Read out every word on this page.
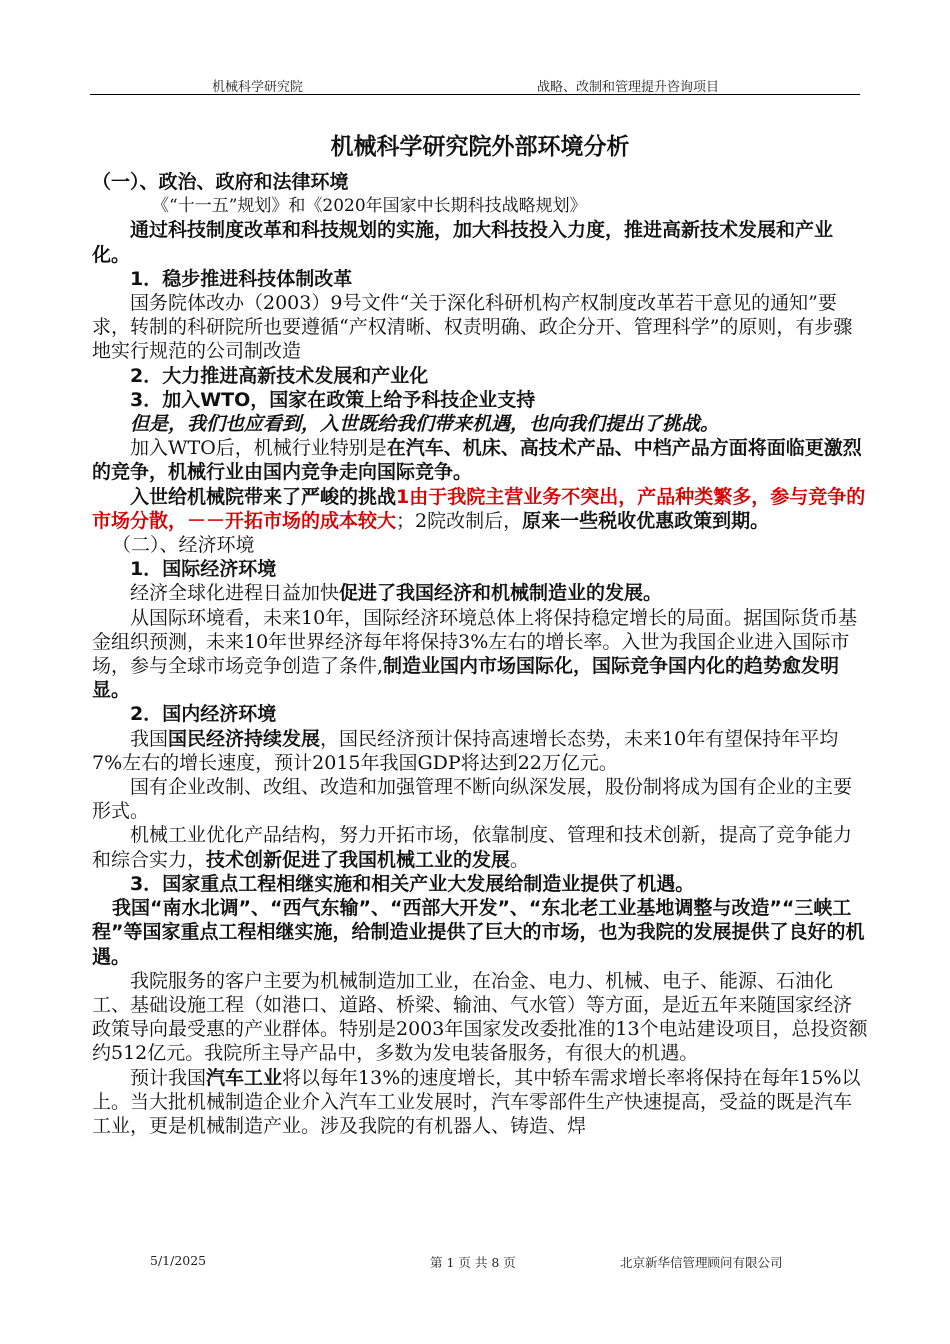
机械科学研究院	战略、改制和管理提升咨询项目
机械科学研究院外部环境分析

（一）、政治、政府和法律环境

《“十一五”规划》和《2020年国家中长期科技战略规划》

通过科技制度改革和科技规划的实施，加大科技投入力度，推进高新技术发展和产业化。

1．稳步推进科技体制改革

国务院体改办（2003）9号文件“关于深化科研机构产权制度改革若干意见的通知”要求，转制的科研院所也要遵循“产权清晰、权责明确、政企分开、管理科学”的原则，有步骤地实行规范的公司制改造

2．大力推进高新技术发展和产业化

3．加入WTO，国家在政策上给予科技企业支持

但是，我们也应看到，入世既给我们带来机遇，也向我们提出了挑战。

加入WTO后，机械行业特别是在汽车、机床、高技术产品、中档产品方面将面临更激烈的竞争，机械行业由国内竞争走向国际竞争。

入世给机械院带来了严峻的挑战1由于我院主营业务不突出，产品种类繁多，参与竞争的市场分散，－－开拓市场的成本较大；2院改制后，原来一些税收优惠政策到期。

（二）、经济环境

1．国际经济环境

经济全球化进程日益加快促进了我国经济和机械制造业的发展。

从国际环境看，未来10年，国际经济环境总体上将保持稳定增长的局面。据国际货币基金组织预测，未来10年世界经济每年将保持3%左右的增长率。入世为我国企业进入国际市场，参与全球市场竞争创造了条件,制造业国内市场国际化，国际竞争国内化的趋势愈发明显。

2．国内经济环境

我国国民经济持续发展，国民经济预计保持高速增长态势，未来10年有望保持年平均7%左右的增长速度，预计2015年我国GDP将达到22万亿元。

国有企业改制、改组、改造和加强管理不断向纵深发展，股份制将成为国有企业的主要形式。

机械工业优化产品结构，努力开拓市场，依靠制度、管理和技术创新，提高了竞争能力和综合实力，技术创新促进了我国机械工业的发展。

3．国家重点工程相继实施和相关产业大发展给制造业提供了机遇。

我国“南水北调”、“西气东输”、“西部大开发”、“东北老工业基地调整与改造”“三峡工程”等国家重点工程相继实施，给制造业提供了巨大的市场，也为我院的发展提供了良好的机遇。

我院服务的客户主要为机械制造加工业，在冶金、电力、机械、电子、能源、石油化工、基础设施工程（如港口、道路、桥梁、输油、气水管）等方面，是近五年来随国家经济政策导向最受惠的产业群体。特别是2003年国家发改委批准的13个电站建设项目，总投资额约512亿元。我院所主导产品中，多数为发电装备服务，有很大的机遇。

预计我国汽车工业将以每年13%的速度增长，其中轿车需求增长率将保持在每年15%以上。当大批机械制造企业介入汽车工业发展时，汽车零部件生产快速提高，受益的既是汽车工业，更是机械制造产业。涉及我院的有机器人、铸造、焊

5/1/2025	第 1 页 共 8 页	北京新华信管理顾问有限公司
